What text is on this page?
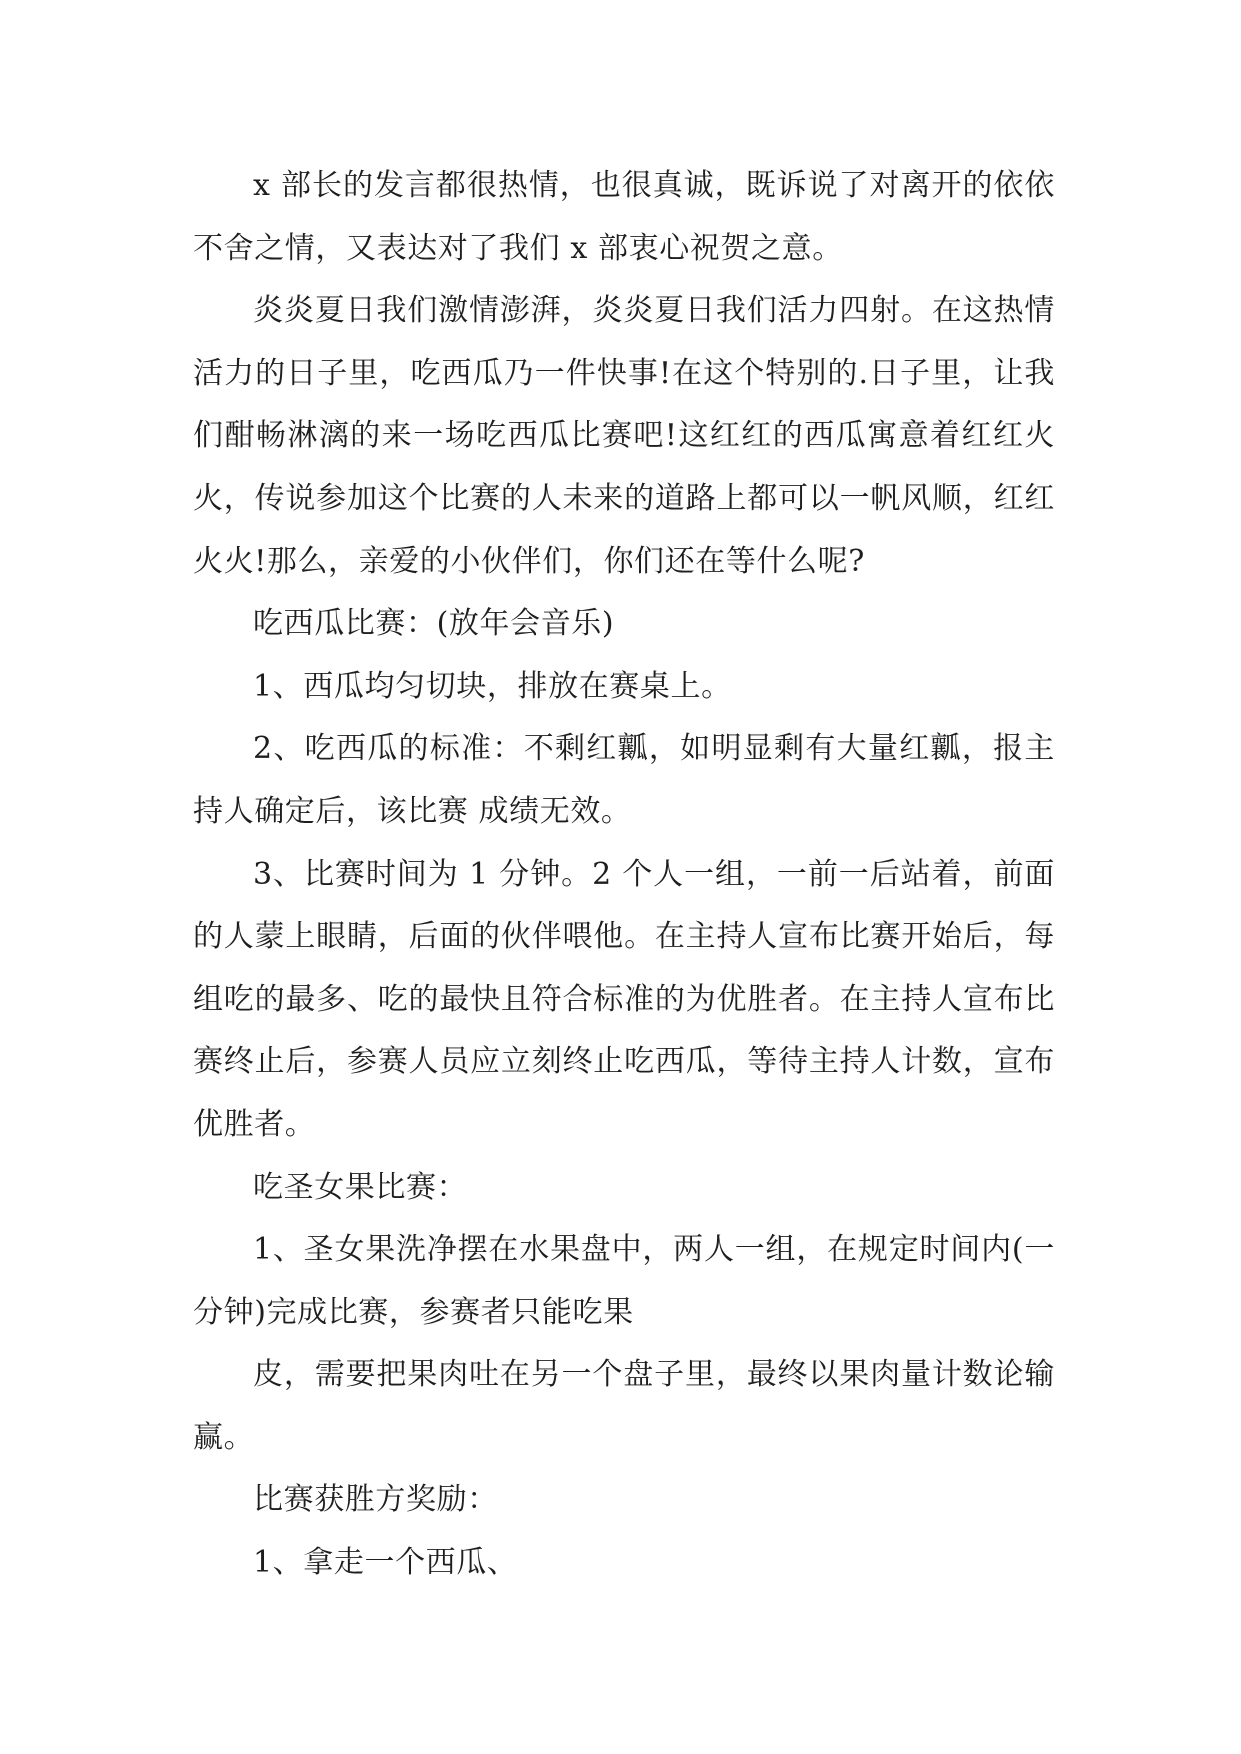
x 部长的发言都很热情，也很真诚，既诉说了对离开的依依不舍之情，又表达对了我们 x 部衷心祝贺之意。

炎炎夏日我们激情澎湃，炎炎夏日我们活力四射。在这热情活力的日子里，吃西瓜乃一件快事!在这个特别的.日子里，让我们酣畅淋漓的来一场吃西瓜比赛吧!这红红的西瓜寓意着红红火火，传说参加这个比赛的人未来的道路上都可以一帆风顺，红红火火!那么，亲爱的小伙伴们，你们还在等什么呢?

吃西瓜比赛：(放年会音乐)

1、西瓜均匀切块，排放在赛桌上。

2、吃西瓜的标准：不剩红瓤，如明显剩有大量红瓤，报主持人确定后，该比赛 成绩无效。

3、比赛时间为 1 分钟。2 个人一组，一前一后站着，前面的人蒙上眼睛，后面的伙伴喂他。在主持人宣布比赛开始后，每组吃的最多、吃的最快且符合标准的为优胜者。在主持人宣布比赛终止后，参赛人员应立刻终止吃西瓜，等待主持人计数，宣布优胜者。

吃圣女果比赛：

1、圣女果洗净摆在水果盘中，两人一组，在规定时间内(一分钟)完成比赛，参赛者只能吃果

皮，需要把果肉吐在另一个盘子里，最终以果肉量计数论输赢。

比赛获胜方奖励：

1、拿走一个西瓜、
